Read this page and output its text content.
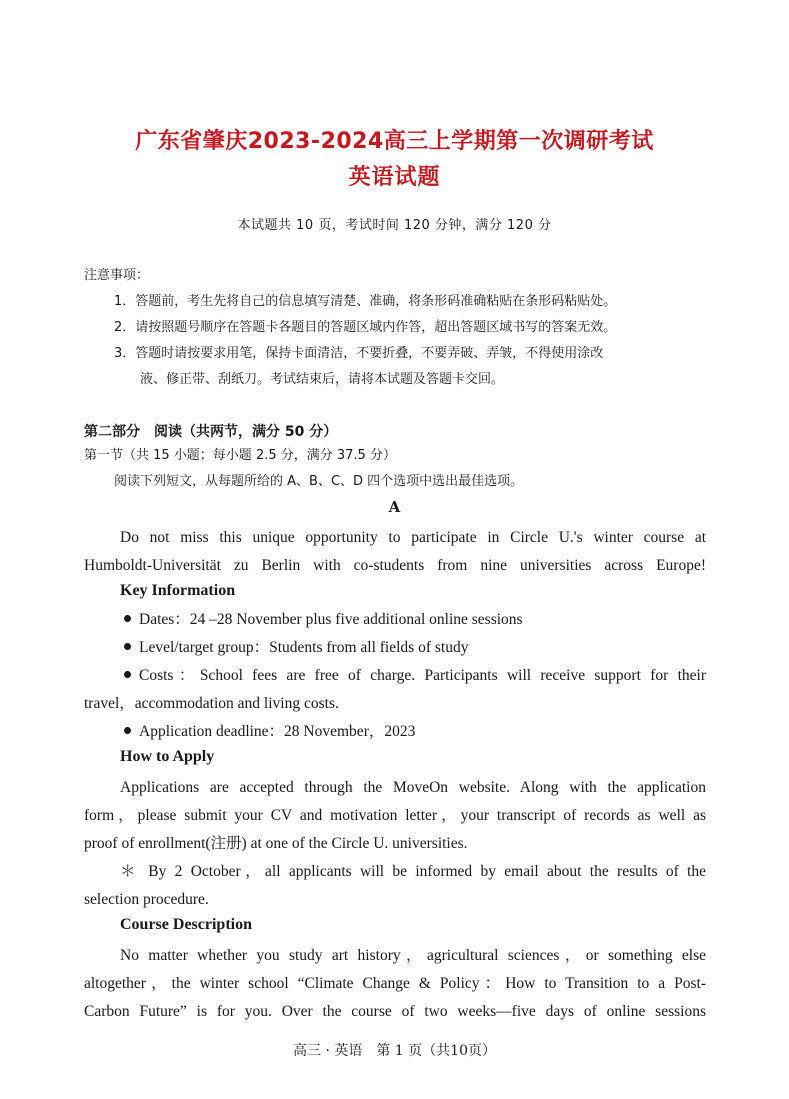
广东省肇庆2023-2024高三上学期第一次调研考试
英语试题
本试题共 10 页，考试时间 120 分钟，满分 120 分
注意事项：
1．答题前，考生先将自己的信息填写清楚、准确，将条形码准确粘贴在条形码粘贴处。
2．请按照题号顺序在答题卡各题目的答题区域内作答，超出答题区域书写的答案无效。
3．答题时请按要求用笔，保持卡面清洁，不要折叠，不要弄破、弄皱，不得使用涂改
液、修正带、刮纸刀。考试结束后，请将本试题及答题卡交回。
第二部分　阅读（共两节，满分 50 分）
第一节（共 15 小题；每小题 2.5 分，满分 37.5 分）
阅读下列短文，从每题所给的 A、B、C、D 四个选项中选出最佳选项。
A
Do not miss this unique opportunity to participate in Circle U.'s winter course at
Humboldt-Universität zu Berlin with co-students from nine universities across Europe!
Key Information
Dates：24 –28 November plus five additional online sessions
Level/target group：Students from all fields of study
Costs：School fees are free of charge. Participants will receive support for their
travel，accommodation and living costs.
Application deadline：28 November，2023
How to Apply
Applications are accepted through the MoveOn website. Along with the application
form，please submit your CV and motivation letter，your transcript of records as well as
proof of enrollment(注册) at one of the Circle U. universities.
＊ By 2 October，all applicants will be informed by email about the results of the
selection procedure.
Course Description
No matter whether you study art history，agricultural sciences，or something else
altogether，the winter school “Climate Change & Policy：How to Transition to a Post-
Carbon Future” is for you. Over the course of two weeks—five days of online sessions
高三 · 英语　第 1 页（共10页）
